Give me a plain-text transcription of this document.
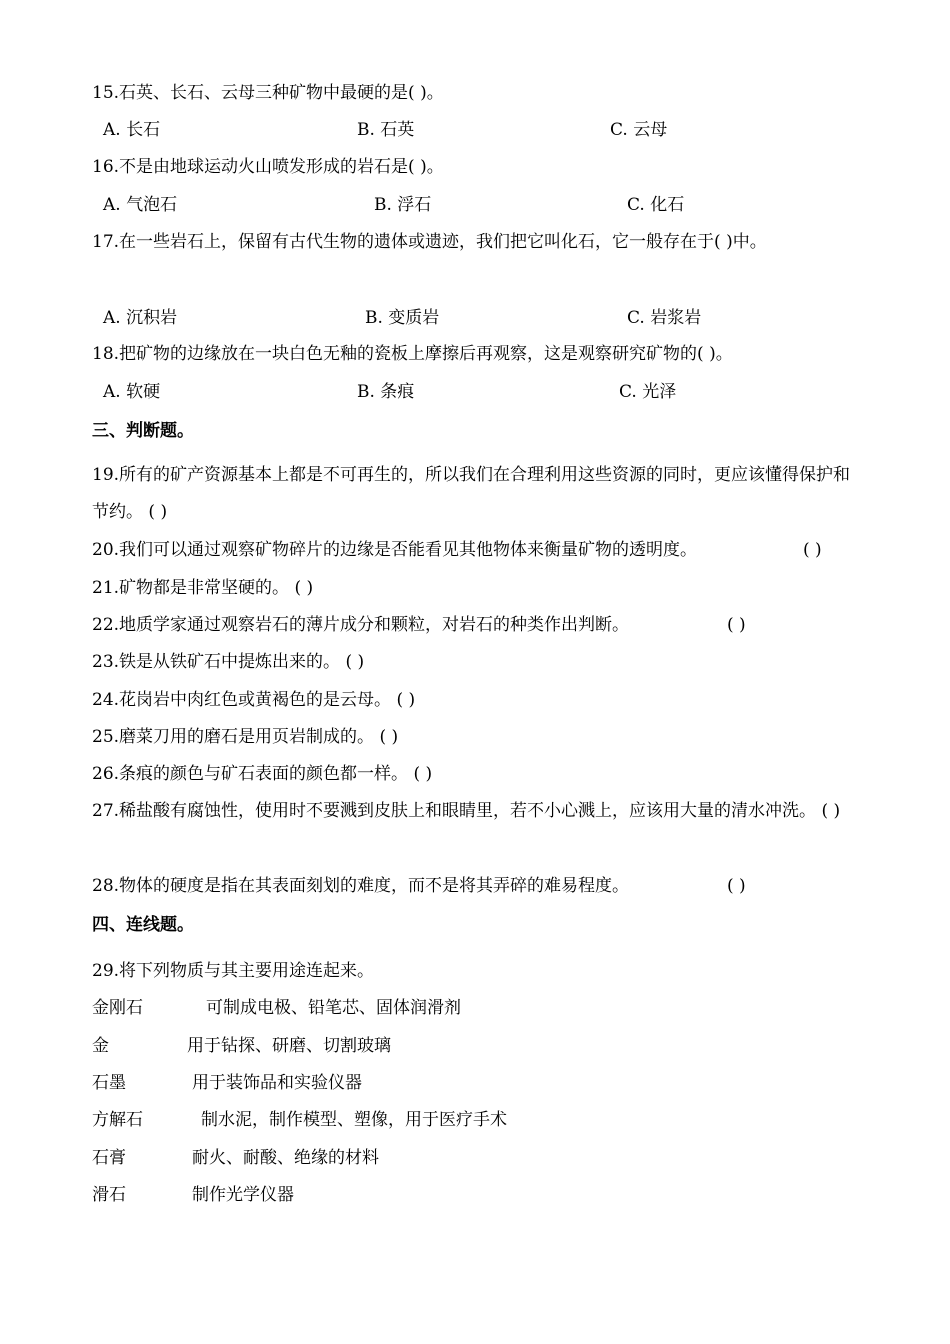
15.石英、长石、云母三种矿物中最硬的是( )。
A. 长石	B. 石英	C. 云母
16.不是由地球运动火山喷发形成的岩石是( )。
A. 气泡石	B. 浮石	C. 化石
17.在一些岩石上，保留有古代生物的遗体或遗迹，我们把它叫化石，它一般存在于( )中。
A. 沉积岩	B. 变质岩	C. 岩浆岩
18.把矿物的边缘放在一块白色无釉的瓷板上摩擦后再观察，这是观察研究矿物的( )。
A. 软硬	B. 条痕	C. 光泽
三、判断题。
19.所有的矿产资源基本上都是不可再生的，所以我们在合理利用这些资源的同时，更应该懂得保护和节约。 ( )
20.我们可以通过观察矿物碎片的边缘是否能看见其他物体来衡量矿物的透明度。	( )
21.矿物都是非常坚硬的。 ( )
22.地质学家通过观察岩石的薄片成分和颗粒，对岩石的种类作出判断。	( )
23.铁是从铁矿石中提炼出来的。 ( )
24.花岗岩中肉红色或黄褐色的是云母。 ( )
25.磨菜刀用的磨石是用页岩制成的。 ( )
26.条痕的颜色与矿石表面的颜色都一样。 ( )
27.稀盐酸有腐蚀性，使用时不要溅到皮肤上和眼睛里，若不小心溅上，应该用大量的清水冲洗。 ( )
28.物体的硬度是指在其表面刻划的难度，而不是将其弄碎的难易程度。	( )
四、连线题。
29.将下列物质与其主要用途连起来。
金刚石	可制成电极、铅笔芯、固体润滑剂
金	用于钻探、研磨、切割玻璃
石墨	用于装饰品和实验仪器
方解石	制水泥，制作模型、塑像，用于医疗手术
石膏	耐火、耐酸、绝缘的材料
滑石	制作光学仪器
